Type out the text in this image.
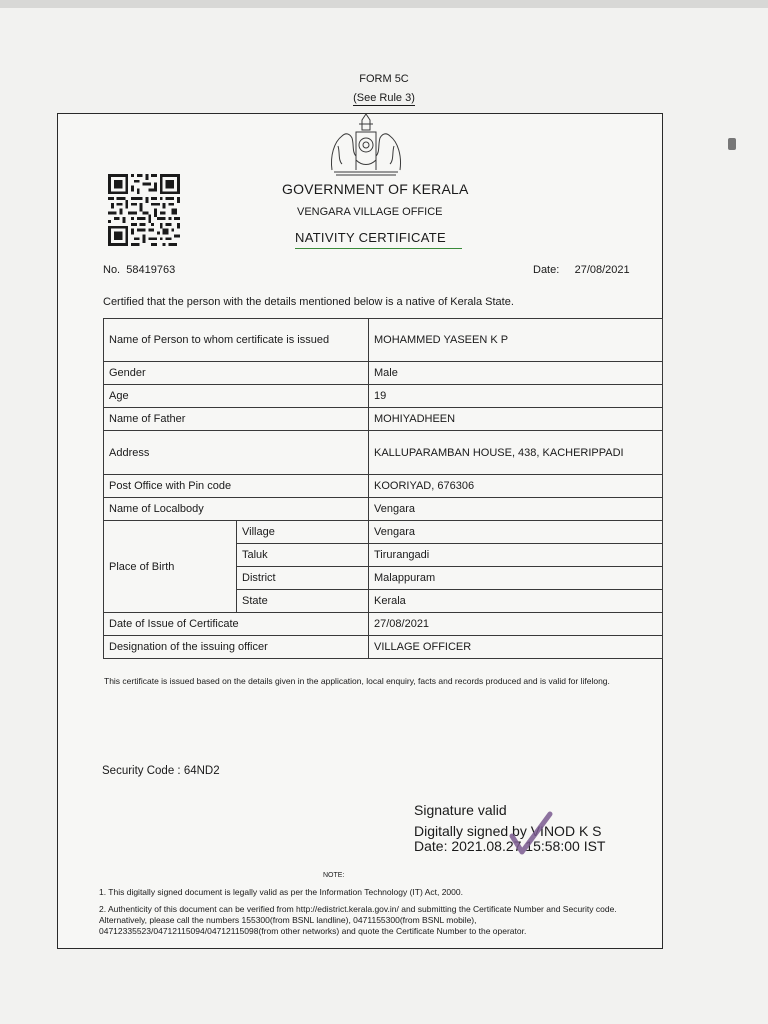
FORM 5C
(See Rule 3)
GOVERNMENT OF KERALA
VENGARA VILLAGE OFFICE
NATIVITY CERTIFICATE
No. 58419763	Date: 27/08/2021
Certified that the person with the details mentioned below is a native of Kerala State.
Name of Person to whom certificate is issued		MOHAMMED YASEEN K P
Gender		Male
Age		19
Name of Father		MOHIYADHEEN
Address		KALLUPARAMBAN HOUSE, 438, KACHERIPPADI
Post Office with Pin code		KOORIYAD, 676306
Name of Localbody		Vengara
Place of Birth	Village	Vengara
	Taluk	Tirurangadi
	District	Malappuram
	State	Kerala
Date of Issue of Certificate		27/08/2021
Designation of the issuing officer		VILLAGE OFFICER
This certificate is issued based on the details given in the application, local enquiry, facts and records produced and is valid for lifelong.
Security Code : 64ND2
Signature valid
Digitally signed by VINOD K S
Date: 2021.08.27 15:58:00 IST
NOTE:
1. This digitally signed document is legally valid as per the Information Technology (IT) Act, 2000.
2. Authenticity of this document can be verified from http://edistrict.kerala.gov.in/ and submitting the Certificate Number and Security code. Alternatively, please call the numbers 155300(from BSNL landline), 0471155300(from BSNL mobile), 04712335523/04712115094/04712115098(from other networks) and quote the Certificate Number to the operator.
